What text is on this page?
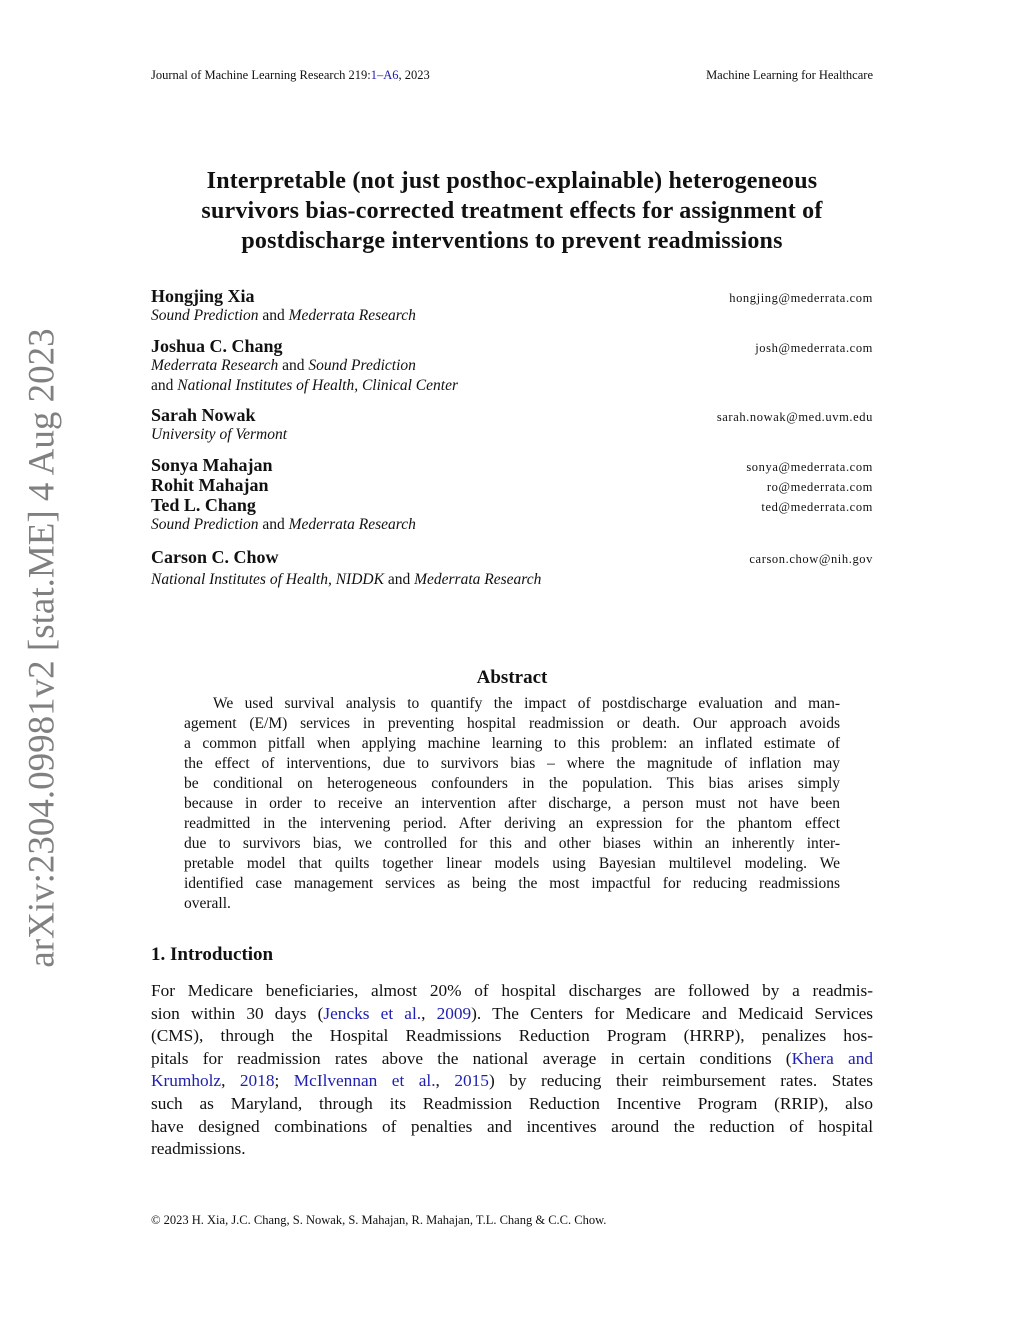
Journal of Machine Learning Research 219:1–A6, 2023	Machine Learning for Healthcare
arXiv:2304.09981v2 [stat.ME] 4 Aug 2023
Interpretable (not just posthoc-explainable) heterogeneous
survivors bias-corrected treatment effects for assignment of
postdischarge interventions to prevent readmissions
Hongjing Xia	hongjing@mederrata.com
Sound Prediction and Mederrata Research
Joshua C. Chang	josh@mederrata.com
Mederrata Research and Sound Prediction
and National Institutes of Health, Clinical Center
Sarah Nowak	sarah.nowak@med.uvm.edu
University of Vermont
Sonya Mahajan	sonya@mederrata.com
Rohit Mahajan	ro@mederrata.com
Ted L. Chang	ted@mederrata.com
Sound Prediction and Mederrata Research
Carson C. Chow	carson.chow@nih.gov
National Institutes of Health, NIDDK and Mederrata Research
Abstract
We used survival analysis to quantify the impact of postdischarge evaluation and man-
agement (E/M) services in preventing hospital readmission or death. Our approach avoids
a common pitfall when applying machine learning to this problem: an inflated estimate of
the effect of interventions, due to survivors bias – where the magnitude of inflation may
be conditional on heterogeneous confounders in the population. This bias arises simply
because in order to receive an intervention after discharge, a person must not have been
readmitted in the intervening period. After deriving an expression for the phantom effect
due to survivors bias, we controlled for this and other biases within an inherently inter-
pretable model that quilts together linear models using Bayesian multilevel modeling. We
identified case management services as being the most impactful for reducing readmissions
overall.
1. Introduction
For Medicare beneficiaries, almost 20% of hospital discharges are followed by a readmis-
sion within 30 days (Jencks et al., 2009). The Centers for Medicare and Medicaid Services
(CMS), through the Hospital Readmissions Reduction Program (HRRP), penalizes hos-
pitals for readmission rates above the national average in certain conditions (Khera and
Krumholz, 2018; McIlvennan et al., 2015) by reducing their reimbursement rates. States
such as Maryland, through its Readmission Reduction Incentive Program (RRIP), also
have designed combinations of penalties and incentives around the reduction of hospital
readmissions.
© 2023 H. Xia, J.C. Chang, S. Nowak, S. Mahajan, R. Mahajan, T.L. Chang & C.C. Chow.
